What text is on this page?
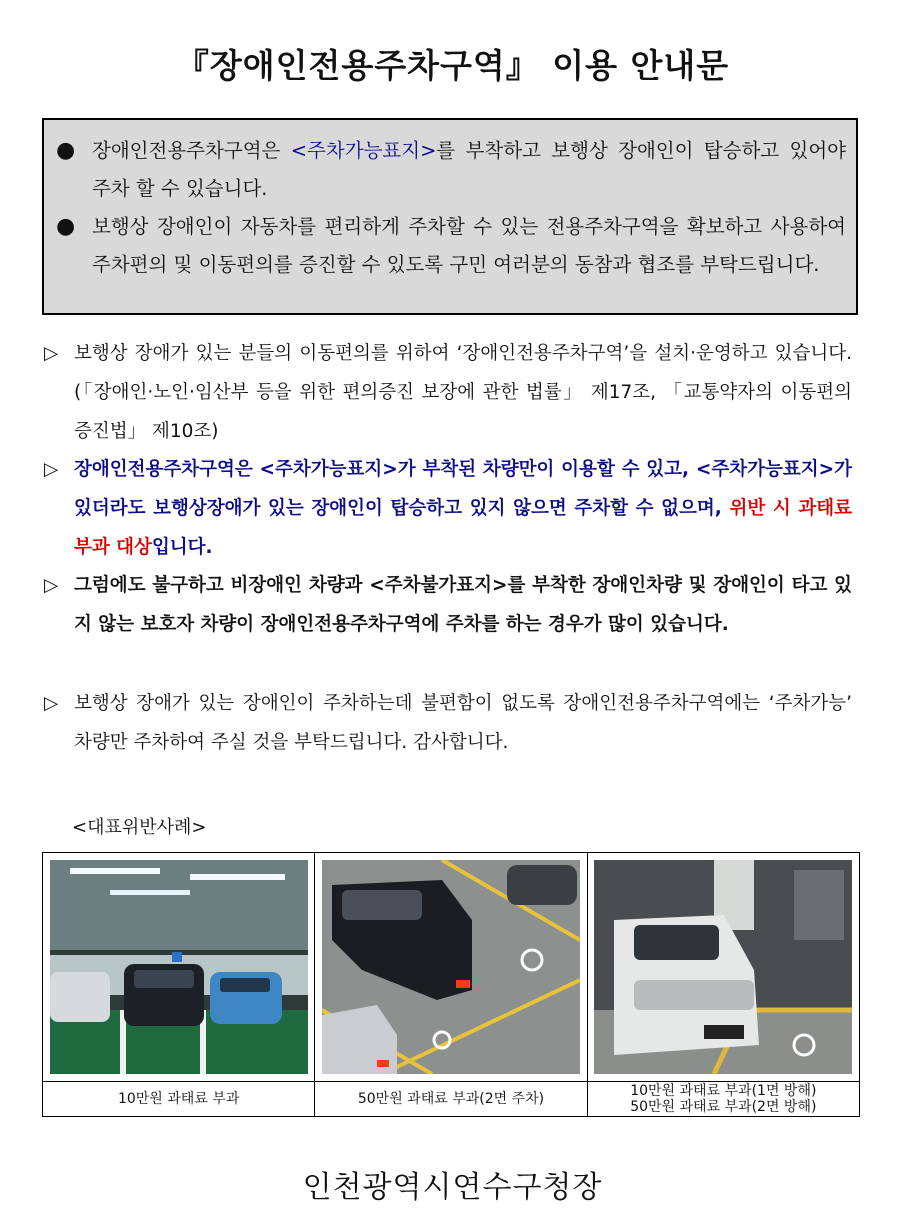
『장애인전용주차구역』 이용 안내문
● 장애인전용주차구역은 <주차가능표지>를 부착하고 보행상 장애인이 탑승하고 있어야 주차 할 수 있습니다.
● 보행상 장애인이 자동차를 편리하게 주차할 수 있는 전용주차구역을 확보하고 사용하여 주차편의 및 이동편의를 증진할 수 있도록 구민 여러분의 동참과 협조를 부탁드립니다.
▷ 보행상 장애가 있는 분들의 이동편의를 위하여 ‘장애인전용주차구역’을 설치·운영하고 있습니다.(「장애인·노인·임산부 등을 위한 편의증진 보장에 관한 법률」 제17조, 「교통약자의 이동편의 증진법」 제10조)
▷ 장애인전용주차구역은 <주차가능표지>가 부착된 차량만이 이용할 수 있고, <주차가능표지>가 있더라도 보행상장애가 있는 장애인이 탑승하고 있지 않으면 주차할 수 없으며, 위반 시 과태료 부과 대상입니다.
▷ 그럼에도 불구하고 비장애인 차량과 <주차불가표지>를 부착한 장애인차량 및 장애인이 타고 있지 않는 보호자 차량이 장애인전용주차구역에 주차를 하는 경우가 많이 있습니다.
▷ 보행상 장애가 있는 장애인이 주차하는데 불편함이 없도록 장애인전용주차구역에는 ‘주차가능’ 차량만 주차하여 주실 것을 부탁드립니다. 감사합니다.
<대표위반사례>

10만원 과태료 부과	50만원 과태료 부과(2면 주차)	10만원 과태료 부과(1면 방해)
50만원 과태료 부과(2면 방해)
인천광역시연수구청장
